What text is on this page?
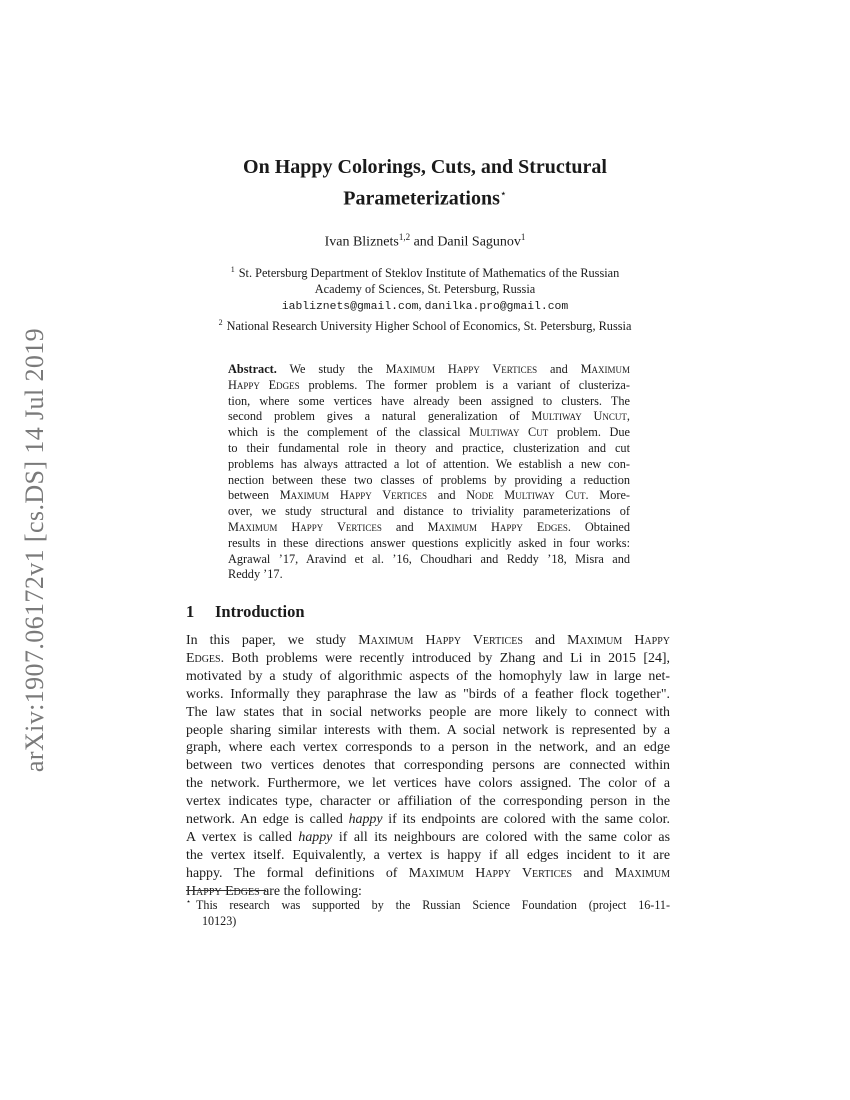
arXiv:1907.06172v1 [cs.DS] 14 Jul 2019
On Happy Colorings, Cuts, and Structural
Parameterizations⋆
Ivan Bliznets$^{1,2}$ and Danil Sagunov$^1$
$^1$ St. Petersburg Department of Steklov Institute of Mathematics of the Russian
Academy of Sciences, St. Petersburg, Russia
iabliznets@gmail.com, danilka.pro@gmail.com
$^2$ National Research University Higher School of Economics, St. Petersburg, Russia
Abstract. We study the Maximum Happy Vertices and Maximum
Happy Edges problems. The former problem is a variant of clusteriza-
tion, where some vertices have already been assigned to clusters. The
second problem gives a natural generalization of Multiway Uncut,
which is the complement of the classical Multiway Cut problem. Due
to their fundamental role in theory and practice, clusterization and cut
problems has always attracted a lot of attention. We establish a new con-
nection between these two classes of problems by providing a reduction
between Maximum Happy Vertices and Node Multiway Cut. More-
over, we study structural and distance to triviality parameterizations of
Maximum Happy Vertices and Maximum Happy Edges. Obtained
results in these directions answer questions explicitly asked in four works:
Agrawal ’17, Aravind et al. ’16, Choudhari and Reddy ’18, Misra and
Reddy ’17.
1 Introduction
In this paper, we study Maximum Happy Vertices and Maximum Happy
Edges. Both problems were recently introduced by Zhang and Li in 2015 [24],
motivated by a study of algorithmic aspects of the homophyly law in large net-
works. Informally they paraphrase the law as "birds of a feather flock together".
The law states that in social networks people are more likely to connect with
people sharing similar interests with them. A social network is represented by a
graph, where each vertex corresponds to a person in the network, and an edge
between two vertices denotes that corresponding persons are connected within
the network. Furthermore, we let vertices have colors assigned. The color of a
vertex indicates type, character or affiliation of the corresponding person in the
network. An edge is called happy if its endpoints are colored with the same color.
A vertex is called happy if all its neighbours are colored with the same color as
the vertex itself. Equivalently, a vertex is happy if all edges incident to it are
happy. The formal definitions of Maximum Happy Vertices and Maximum
Happy Edges are the following:
⋆ This research was supported by the Russian Science Foundation (project 16-11-
10123)
